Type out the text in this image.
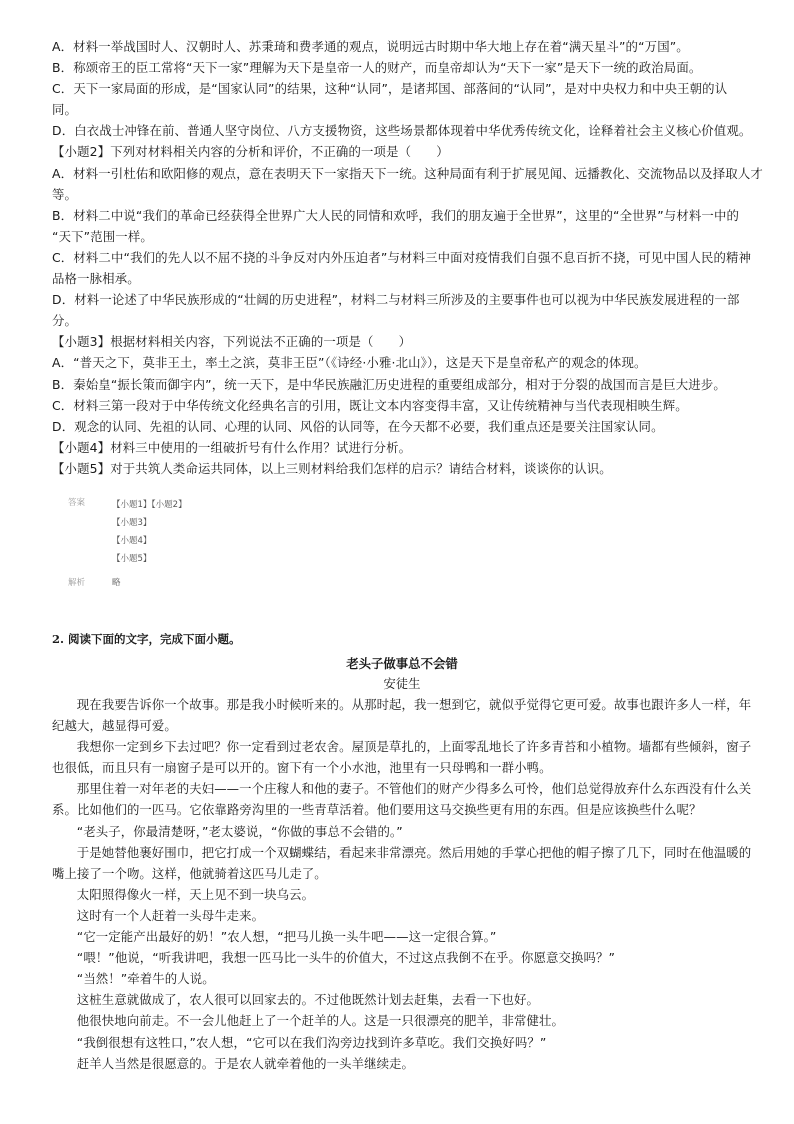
A．材料一举战国时人、汉朝时人、苏秉琦和费孝通的观点，说明远古时期中华大地上存在着“满天星斗”的“万国”。
B．称颂帝王的臣工常将“天下一家”理解为天下是皇帝一人的财产，而皇帝却认为“天下一家”是天下一统的政治局面。
C．天下一家局面的形成，是“国家认同”的结果，这种“认同”，是诸邦国、部落间的“认同”，是对中央权力和中央王朝的认
同。
D．白衣战士冲锋在前、普通人坚守岗位、八方支援物资，这些场景都体现着中华优秀传统文化，诠释着社会主义核心价值观。
【小题2】下列对材料相关内容的分析和评价，不正确的一项是（　　）
A．材料一引杜佑和欧阳修的观点，意在表明天下一家指天下一统。这种局面有利于扩展见闻、远播教化、交流物品以及择取人才
等。
B．材料二中说“我们的革命已经获得全世界广大人民的同情和欢呼，我们的朋友遍于全世界”，这里的“全世界”与材料一中的
“天下”范围一样。
C．材料二中“我们的先人以不屈不挠的斗争反对内外压迫者”与材料三中面对疫情我们自强不息百折不挠，可见中国人民的精神
品格一脉相承。
D．材料一论述了中华民族形成的“壮阔的历史进程”，材料二与材料三所涉及的主要事件也可以视为中华民族发展进程的一部
分。
【小题3】根据材料相关内容，下列说法不正确的一项是（　　）
A．“普天之下，莫非王土，率土之滨，莫非王臣”（《诗经·小雅·北山》），这是天下是皇帝私产的观念的体现。
B．秦始皇“振长策而御宇内”，统一天下，是中华民族融汇历史进程的重要组成部分，相对于分裂的战国而言是巨大进步。
C．材料三第一段对于中华传统文化经典名言的引用，既让文本内容变得丰富，又让传统精神与当代表现相映生辉。
D．观念的认同、先祖的认同、心理的认同、风俗的认同等，在今天都不必要，我们重点还是要关注国家认同。
【小题4】材料三中使用的一组破折号有什么作用？试进行分析。
【小题5】对于共筑人类命运共同体，以上三则材料给我们怎样的启示？请结合材料，谈谈你的认识。
答案	【小题1】【小题2】
【小题3】
【小题4】
【小题5】
解析	略
2. 阅读下面的文字，完成下面小题。
老头子做事总不会错
安徒生
现在我要告诉你一个故事。那是我小时候听来的。从那时起，我一想到它，就似乎觉得它更可爱。故事也跟许多人一样，年纪越大，越显得可爱。
我想你一定到乡下去过吧？你一定看到过老农舍。屋顶是草扎的，上面零乱地长了许多青苔和小植物。墙都有些倾斜，窗子也很低，而且只有一扇窗子是可以开的。窗下有一个小水池，池里有一只母鸭和一群小鸭。
那里住着一对年老的夫妇——一个庄稼人和他的妻子。不管他们的财产少得多么可怜，他们总觉得放弃什么东西没有什么关系。比如他们的一匹马。它依靠路旁沟里的一些青草活着。他们要用这马交换些更有用的东西。但是应该换些什么呢？
“老头子，你最清楚呀，”老太婆说，“你做的事总不会错的。”
于是她替他裹好围巾，把它打成一个双蝴蝶结，看起来非常漂亮。然后用她的手掌心把他的帽子擦了几下，同时在他温暖的嘴上接了一个吻。这样，他就骑着这匹马儿走了。
太阳照得像火一样，天上见不到一块乌云。
这时有一个人赶着一头母牛走来。
“它一定能产出最好的奶！”农人想，“把马儿换一头牛吧——这一定很合算。”
“喂！”他说，“听我讲吧，我想一匹马比一头牛的价值大，不过这点我倒不在乎。你愿意交换吗？”
“当然！”牵着牛的人说。
这桩生意就做成了，农人很可以回家去的。不过他既然计划去赶集，去看一下也好。
他很快地向前走。不一会儿他赶上了一个赶羊的人。这是一只很漂亮的肥羊，非常健壮。
“我倒很想有这牲口，”农人想，“它可以在我们沟旁边找到许多草吃。我们交换好吗？”
赶羊人当然是很愿意的。于是农人就牵着他的一头羊继续走。
